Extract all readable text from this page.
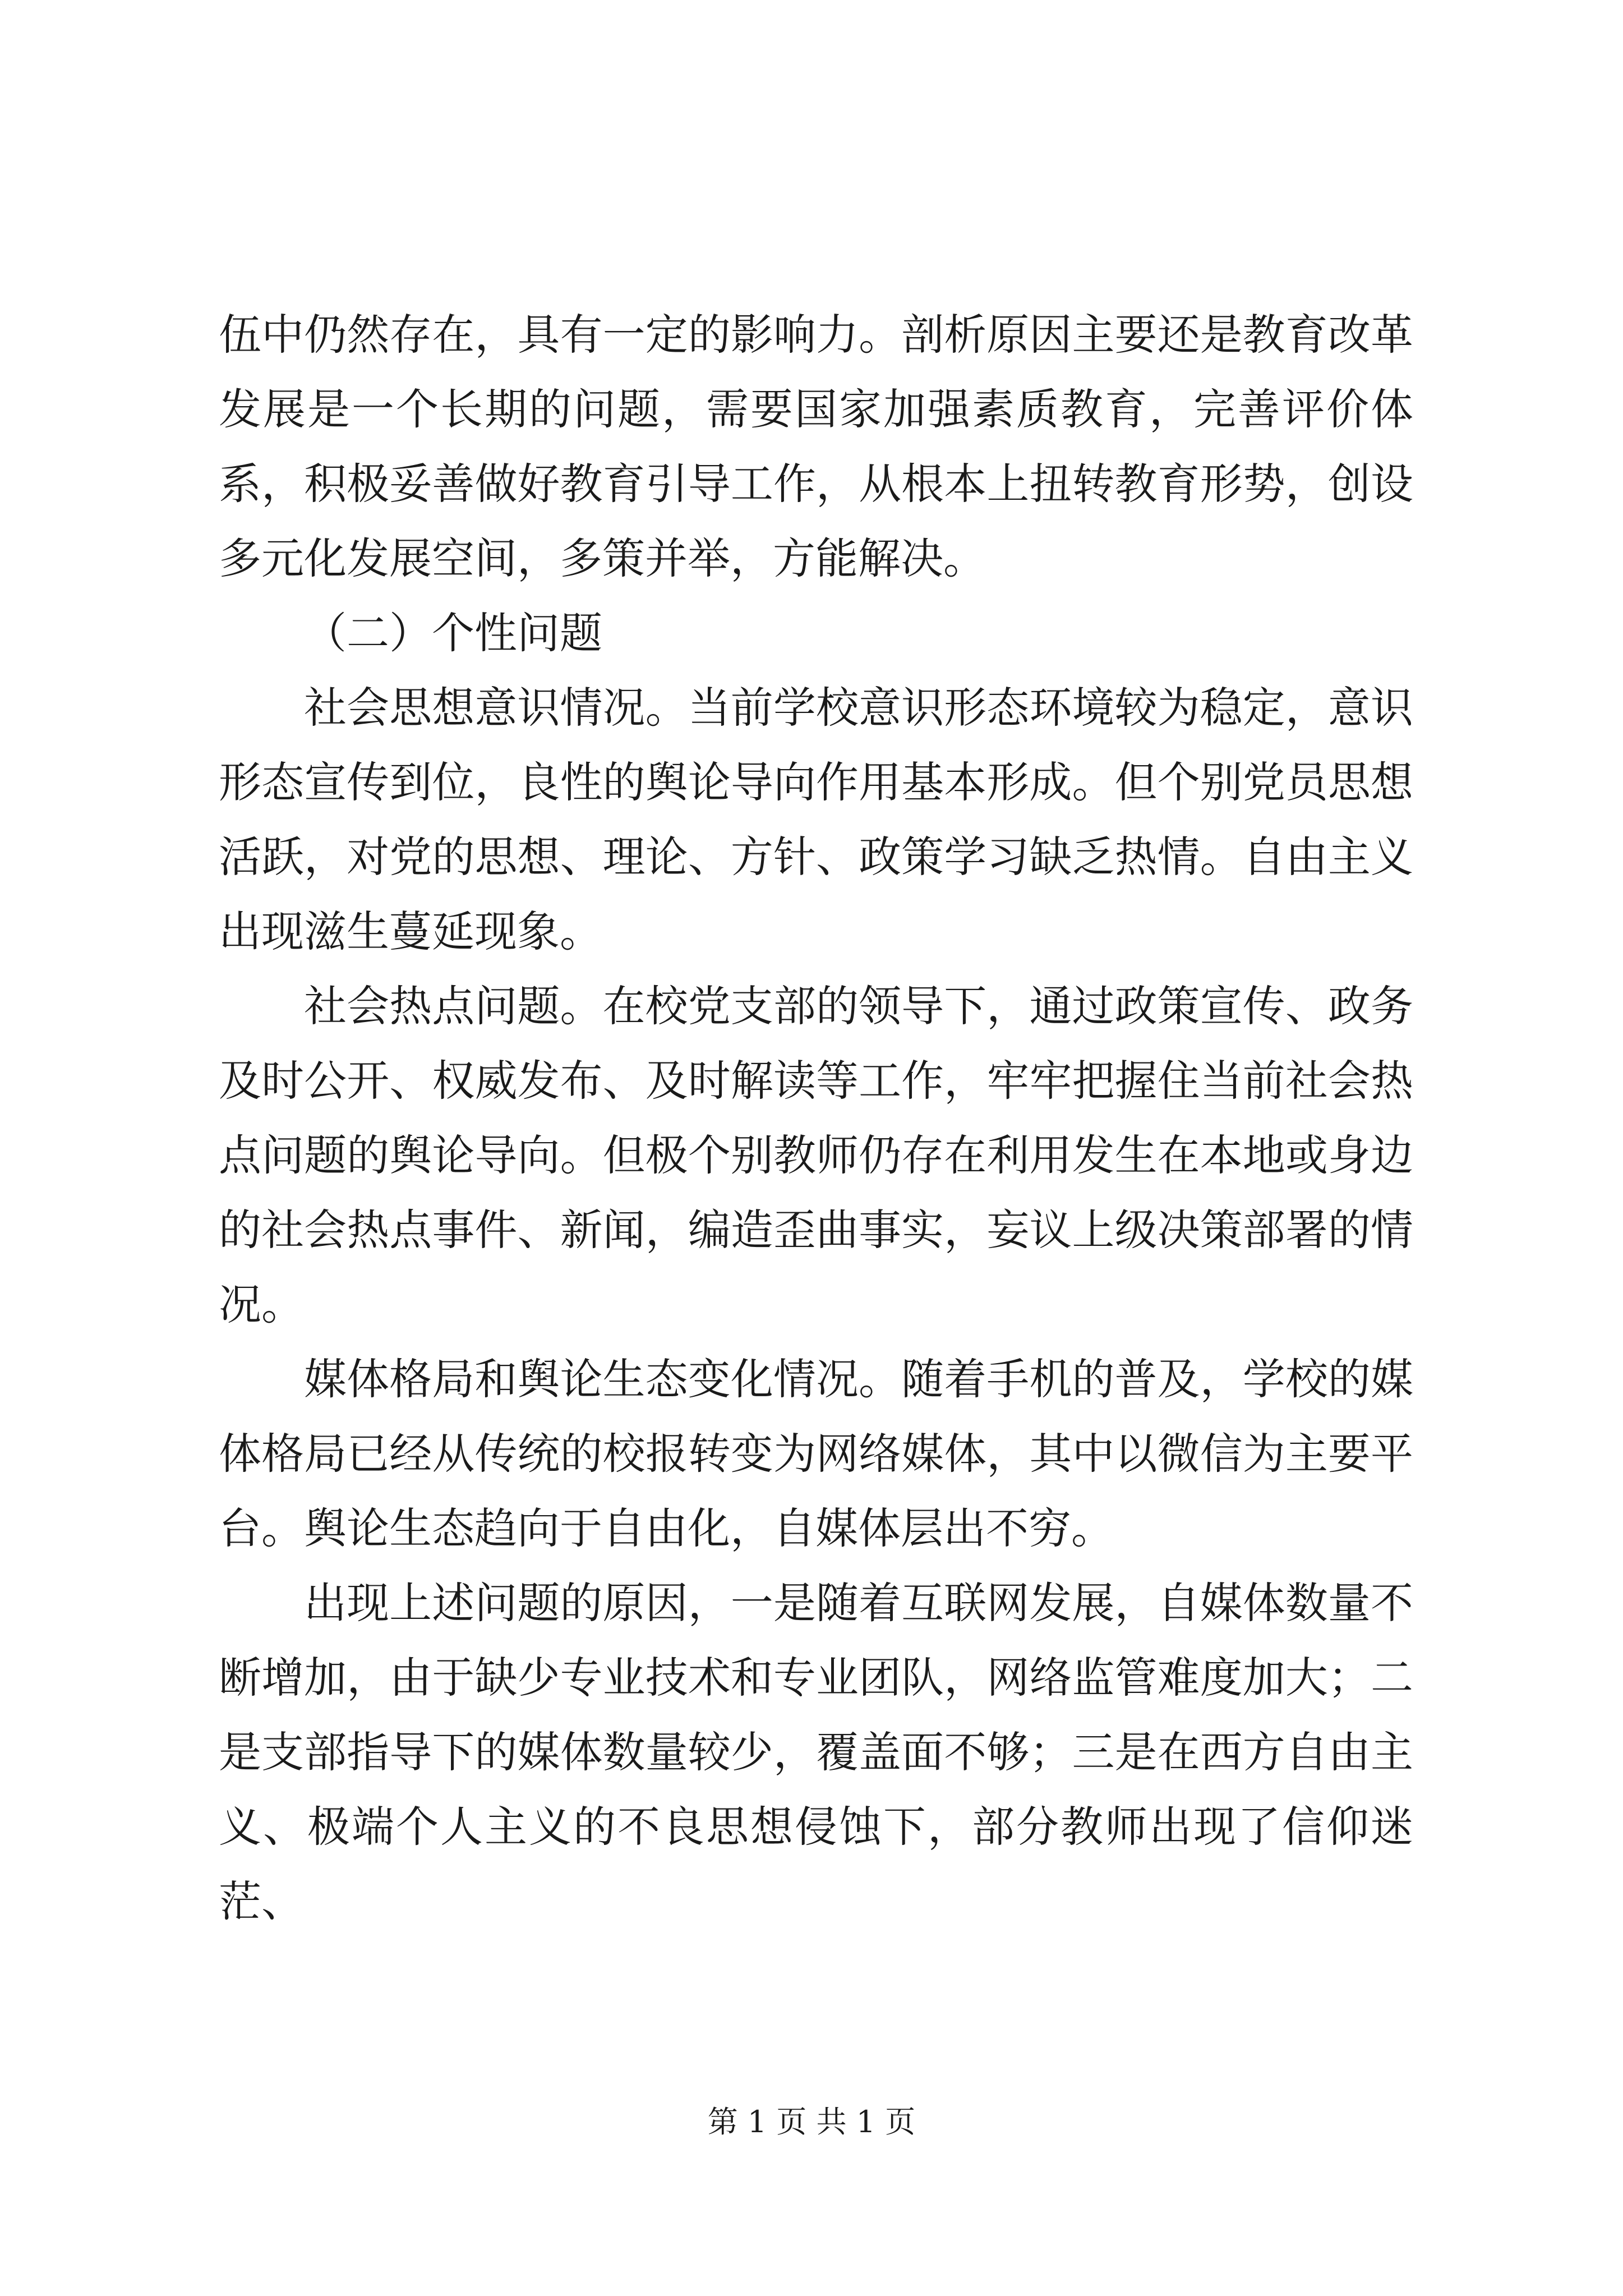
伍中仍然存在，具有一定的影响力。剖析原因主要还是教育改革发展是一个长期的问题，需要国家加强素质教育，完善评价体系，积极妥善做好教育引导工作，从根本上扭转教育形势，创设多元化发展空间，多策并举，方能解决。

（二）个性问题

社会思想意识情况。当前学校意识形态环境较为稳定，意识形态宣传到位，良性的舆论导向作用基本形成。但个别党员思想活跃，对党的思想、理论、方针、政策学习缺乏热情。自由主义出现滋生蔓延现象。

社会热点问题。在校党支部的领导下，通过政策宣传、政务及时公开、权威发布、及时解读等工作，牢牢把握住当前社会热点问题的舆论导向。但极个别教师仍存在利用发生在本地或身边的社会热点事件、新闻，编造歪曲事实，妄议上级决策部署的情况。

媒体格局和舆论生态变化情况。随着手机的普及，学校的媒体格局已经从传统的校报转变为网络媒体，其中以微信为主要平台。舆论生态趋向于自由化，自媒体层出不穷。

出现上述问题的原因，一是随着互联网发展，自媒体数量不断增加，由于缺少专业技术和专业团队，网络监管难度加大；二是支部指导下的媒体数量较少，覆盖面不够；三是在西方自由主义、极端个人主义的不良思想侵蚀下，部分教师出现了信仰迷茫、

第 1 页 共 1 页
